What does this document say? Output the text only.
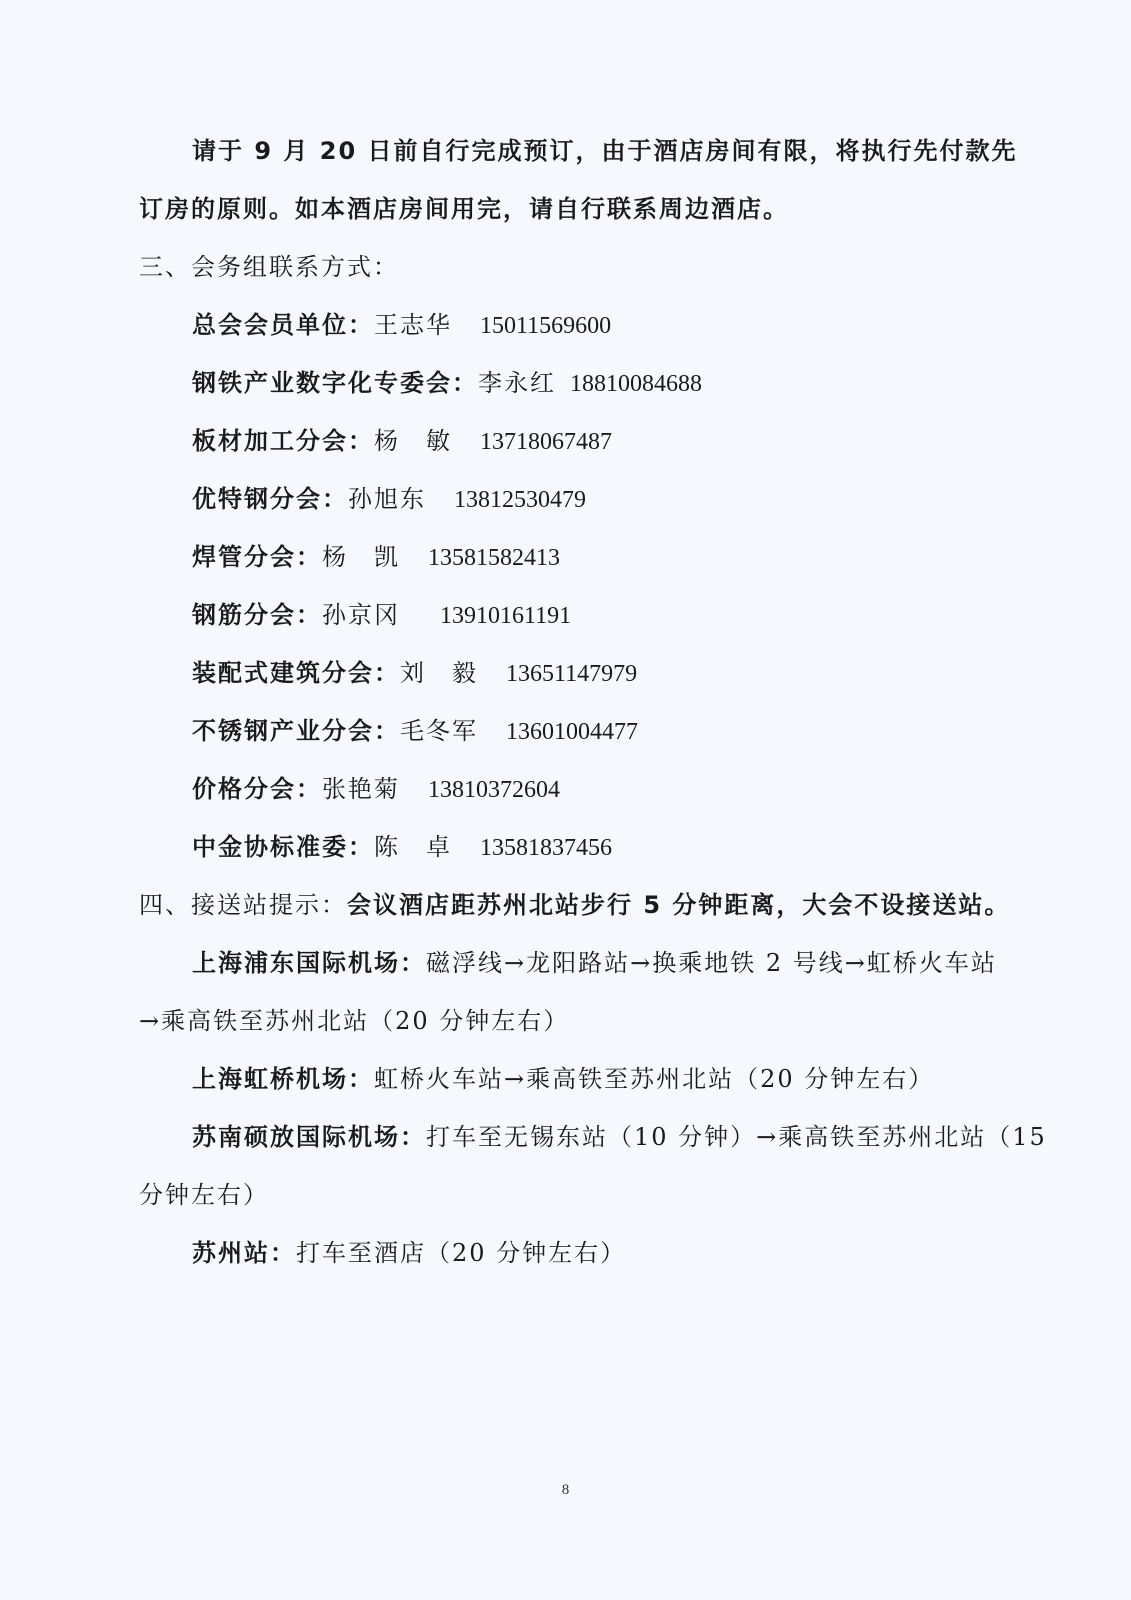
请于 9 月 20 日前自行完成预订，由于酒店房间有限，将执行先付款先
订房的原则。如本酒店房间用完，请自行联系周边酒店。
三、会务组联系方式：
总会会员单位：王志华 15011569600
钢铁产业数字化专委会：李永红 18810084688
板材加工分会：杨　敏 13718067487
优特钢分会：孙旭东 13812530479
焊管分会：杨　凯 13581582413
钢筋分会：孙京冈 13910161191
装配式建筑分会：刘　毅 13651147979
不锈钢产业分会：毛冬军 13601004477
价格分会：张艳菊 13810372604
中金协标准委：陈　卓 13581837456
四、接送站提示：会议酒店距苏州北站步行 5 分钟距离，大会不设接送站。
上海浦东国际机场：磁浮线→龙阳路站→换乘地铁 2 号线→虹桥火车站
→乘高铁至苏州北站（20 分钟左右）
上海虹桥机场：虹桥火车站→乘高铁至苏州北站（20 分钟左右）
苏南硕放国际机场：打车至无锡东站（10 分钟）→乘高铁至苏州北站（15
分钟左右）
苏州站：打车至酒店（20 分钟左右）
8
